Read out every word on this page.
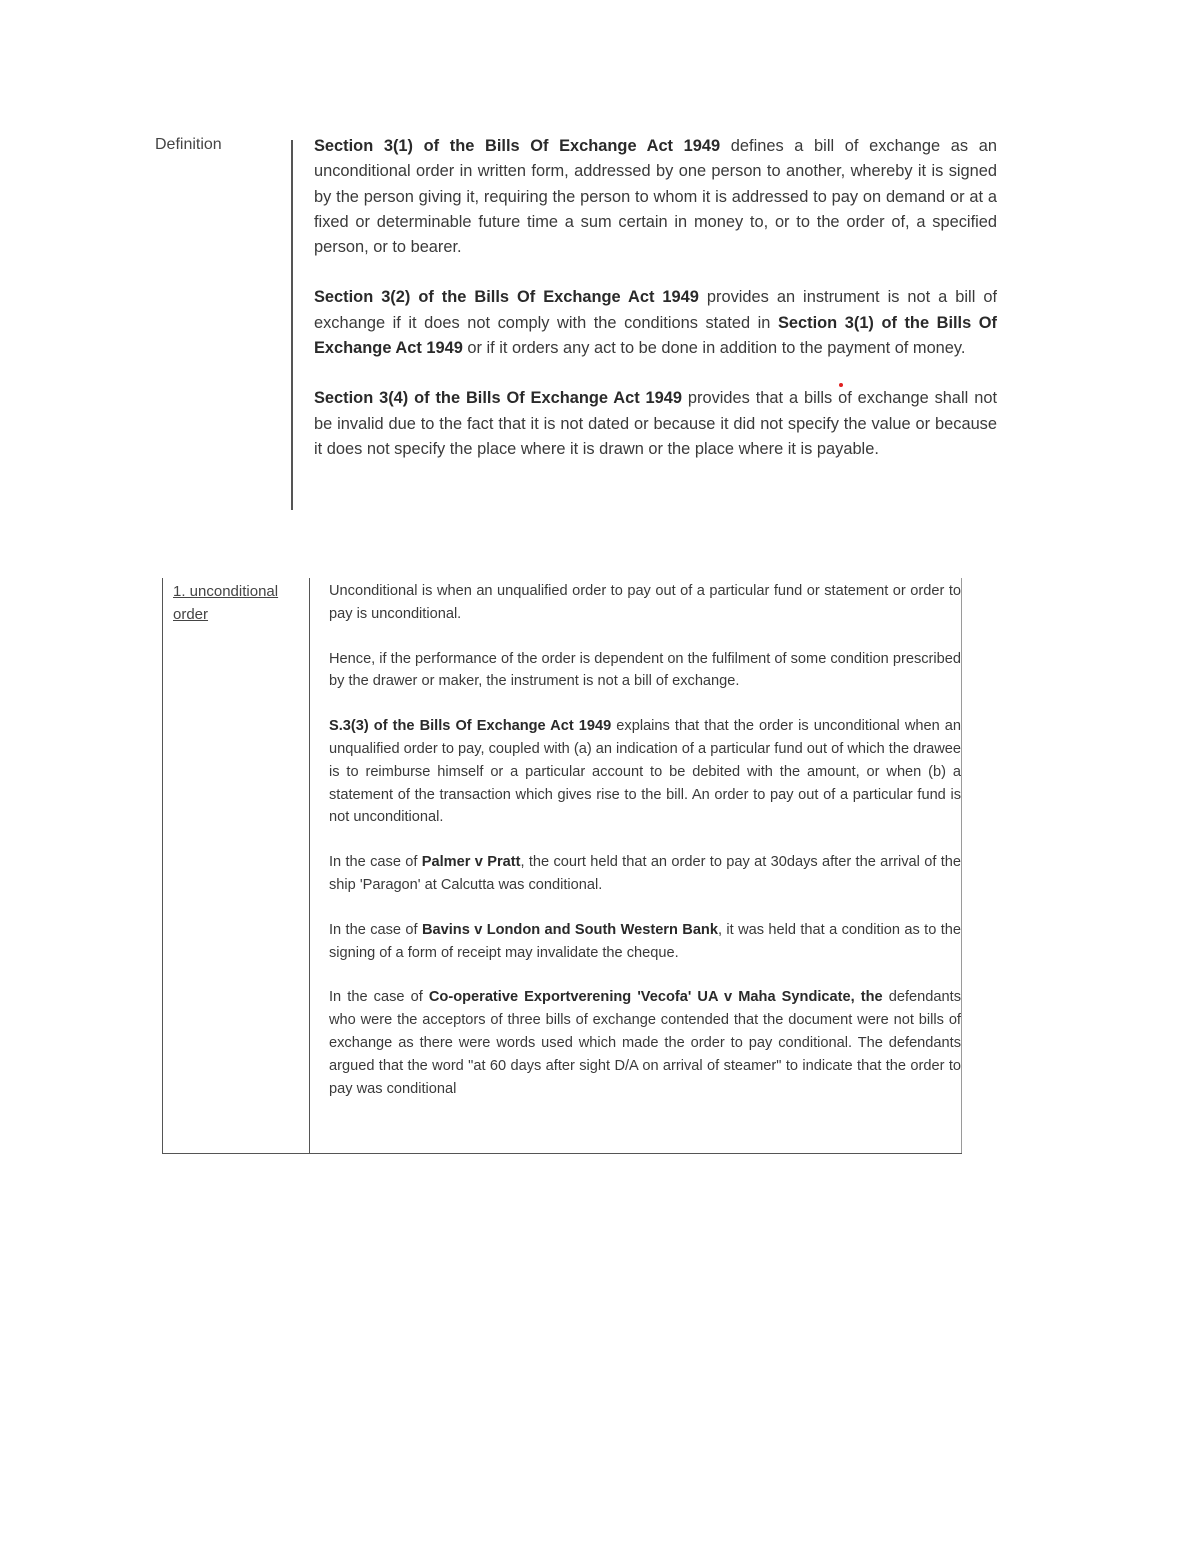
Definition	Section 3(1) of the Bills Of Exchange Act 1949 defines a bill of exchange as an unconditional order in written form, addressed by one person to another, whereby it is signed by the person giving it, requiring the person to whom it is addressed to pay on demand or at a fixed or determinable future time a sum certain in money to, or to the order of, a specified person, or to bearer.

Section 3(2) of the Bills Of Exchange Act 1949 provides an instrument is not a bill of exchange if it does not comply with the conditions stated in Section 3(1) of the Bills Of Exchange Act 1949 or if it orders any act to be done in addition to the payment of money.

Section 3(4) of the Bills Of Exchange Act 1949 provides that a bills of exchange shall not be invalid due to the fact that it is not dated or because it did not specify the value or because it does not specify the place where it is drawn or the place where it is payable.

1. unconditional
order

Unconditional is when an unqualified order to pay out of a particular fund or statement or order to pay is unconditional.

Hence, if the performance of the order is dependent on the fulfilment of some condition prescribed by the drawer or maker, the instrument is not a bill of exchange.

S.3(3) of the Bills Of Exchange Act 1949 explains that that the order is unconditional when an unqualified order to pay, coupled with (a) an indication of a particular fund out of which the drawee is to reimburse himself or a particular account to be debited with the amount, or when (b) a statement of the transaction which gives rise to the bill. An order to pay out of a particular fund is not unconditional.

In the case of Palmer v Pratt, the court held that an order to pay at 30days after the arrival of the ship 'Paragon' at Calcutta was conditional.

In the case of Bavins v London and South Western Bank, it was held that a condition as to the signing of a form of receipt may invalidate the cheque.

In the case of Co-operative Exportverening 'Vecofa' UA v Maha Syndicate, the defendants who were the acceptors of three bills of exchange contended that the document were not bills of exchange as there were words used which made the order to pay conditional. The defendants argued that the word "at 60 days after sight D/A on arrival of steamer" to indicate that the order to pay was conditional
